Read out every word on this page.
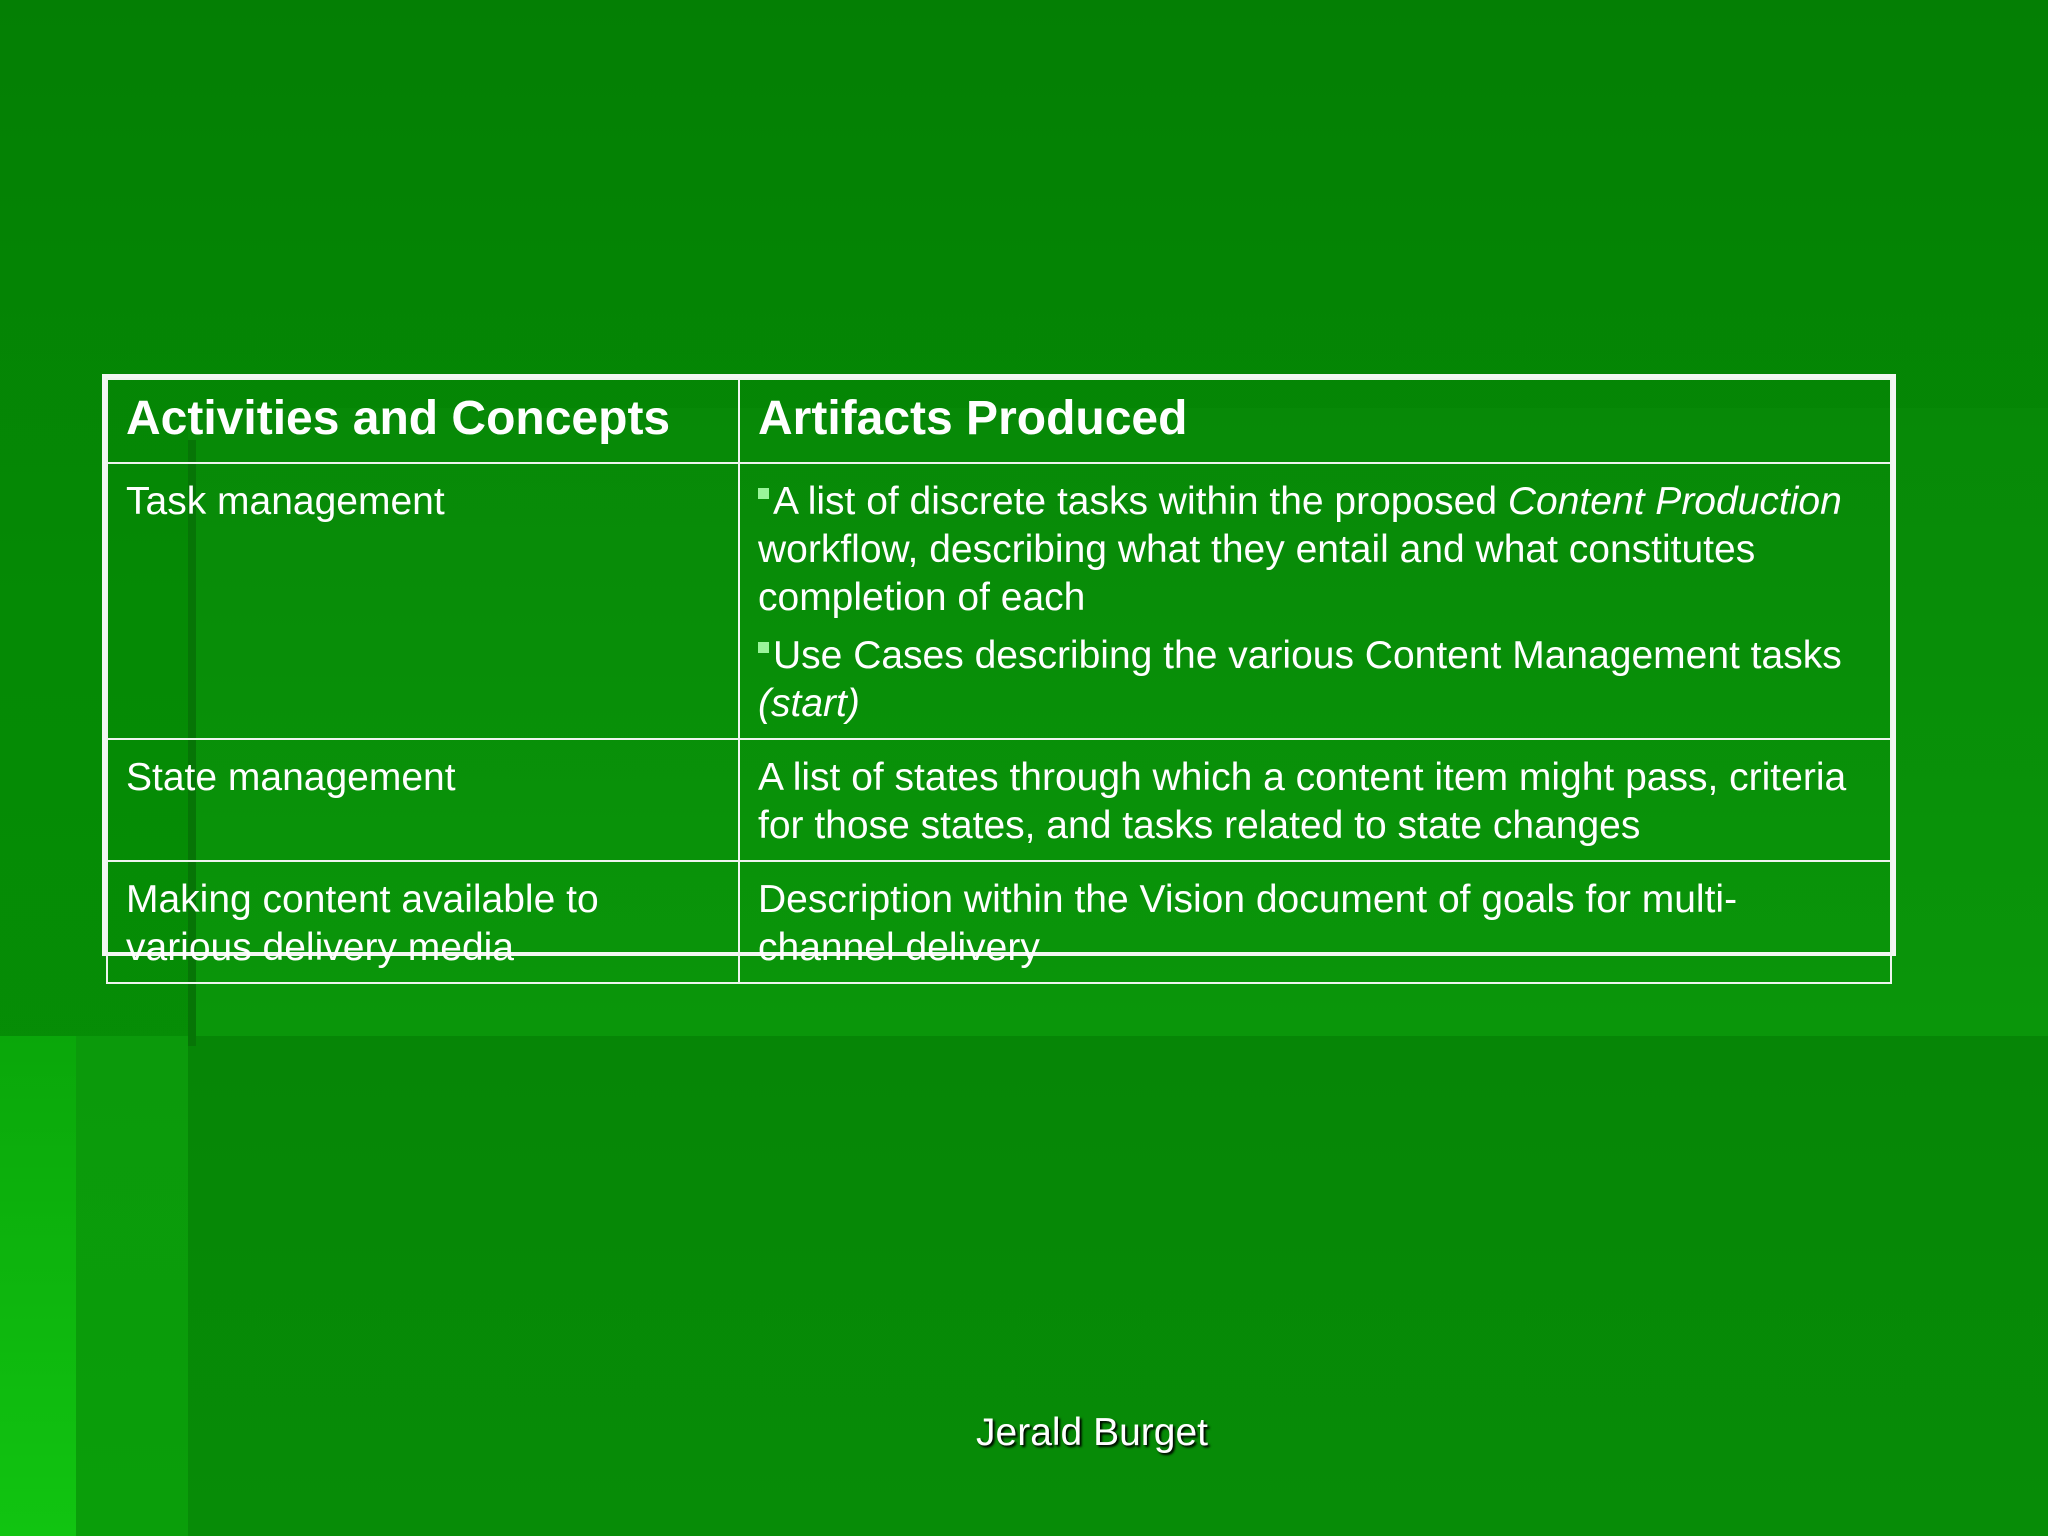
Activities and Concepts	Artifacts Produced
Task management	A list of discrete tasks within the proposed Content Production workflow, describing what they entail and what constitutes completion of each
Use Cases describing the various Content Management tasks (start)

State management	A list of states through which a content item might pass, criteria for those states, and tasks related to state changes
Making content available to various delivery media	Description within the Vision document of goals for multi-channel delivery
Jerald Burget
